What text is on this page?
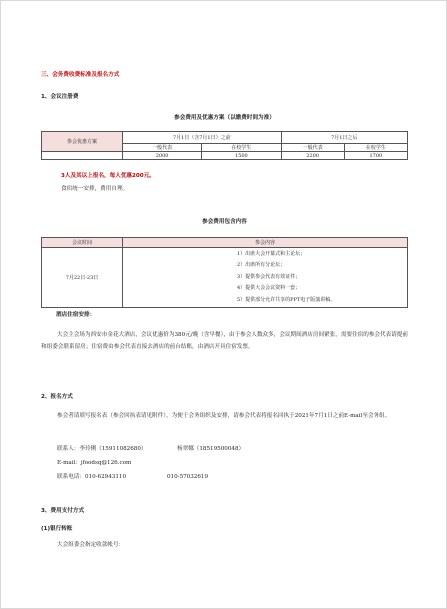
三、会务费收费标准及报名方式
1、会议注册费
参会费用及优惠方案（以缴费时间为准）
参会优惠方案	7月1日（含7月1日）之前		7月1日之后	
	一般代表	在校学生	一般代表	在校学生
	2000	1500	2200	1700
3人及其以上报名，每人优惠200元。
食宿统一安排，费用自理。
参会费用包含内容
会议时间	参会内容
7月22日-23日	1）出席大会开幕式和主论坛；
2）出席所有分论坛；
3）提供参会代表有效证件；
4）提供大会会议资料一套；
5）提供部分允许共享的PPT电子版演讲稿。
酒店住宿安排：
大会主会场为西安市金花大酒店，会议优惠价为380元/晚（含早餐），由于参会人数众多，会议期间酒店房间紧张，需要住宿的参会代表请提前和组委会联系留房；住宿费由参会代表直接去酒店的前台结账，由酒店开具住宿发票。
2、报名方式
参会者请填写报名表（参会回执表请见附件），为便于会务组织及安排，请参会代表将报名回执于2021年7月1日之前E-mail至会务组。
联系人：李玲俐（15911082680）	杨翠娜（18519500048）
E-mail：jfoodsq@126.com
联系电话：010-62943110	010-57032619
3、费用支付方式
(1)银行转账
大会组委会指定收款帐号：
